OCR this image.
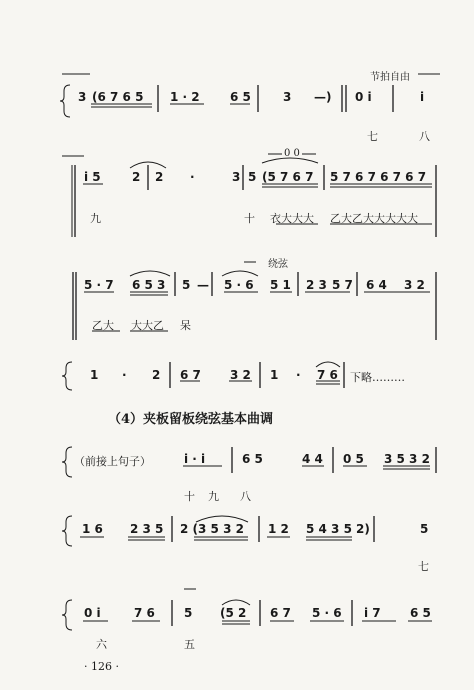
节拍自由
3 (6 7 6 5 1 · 2	6 5	3 —) 0 i	i
七	八
0 0
i 5	2 2 ·	3 5 (5 7 6 7 5 7 6 7 6 7 6 7
九	十 衣大大大 乙大乙大大大大大
绕弦
5 · 7 6 5 3 5 — 5 · 6 5 1 2 3 5 7 6 4 3 2
乙大 大大乙 呆
1 · 2 6 7 3 2 1 · 7 6 下略………
（4）夹板留板绕弦基本曲调
（前接上句子）	i · i	6 5	4 4 0 5 3 5 3 2
十 九 八
1 6 2 3 5 2 (3 5 3 2 1 2 5 4 3 5 2)	5
七
0 i	7 6 5 (5 2 6 7 5 · 6 i 7 6 5
六	五
· 126 ·
